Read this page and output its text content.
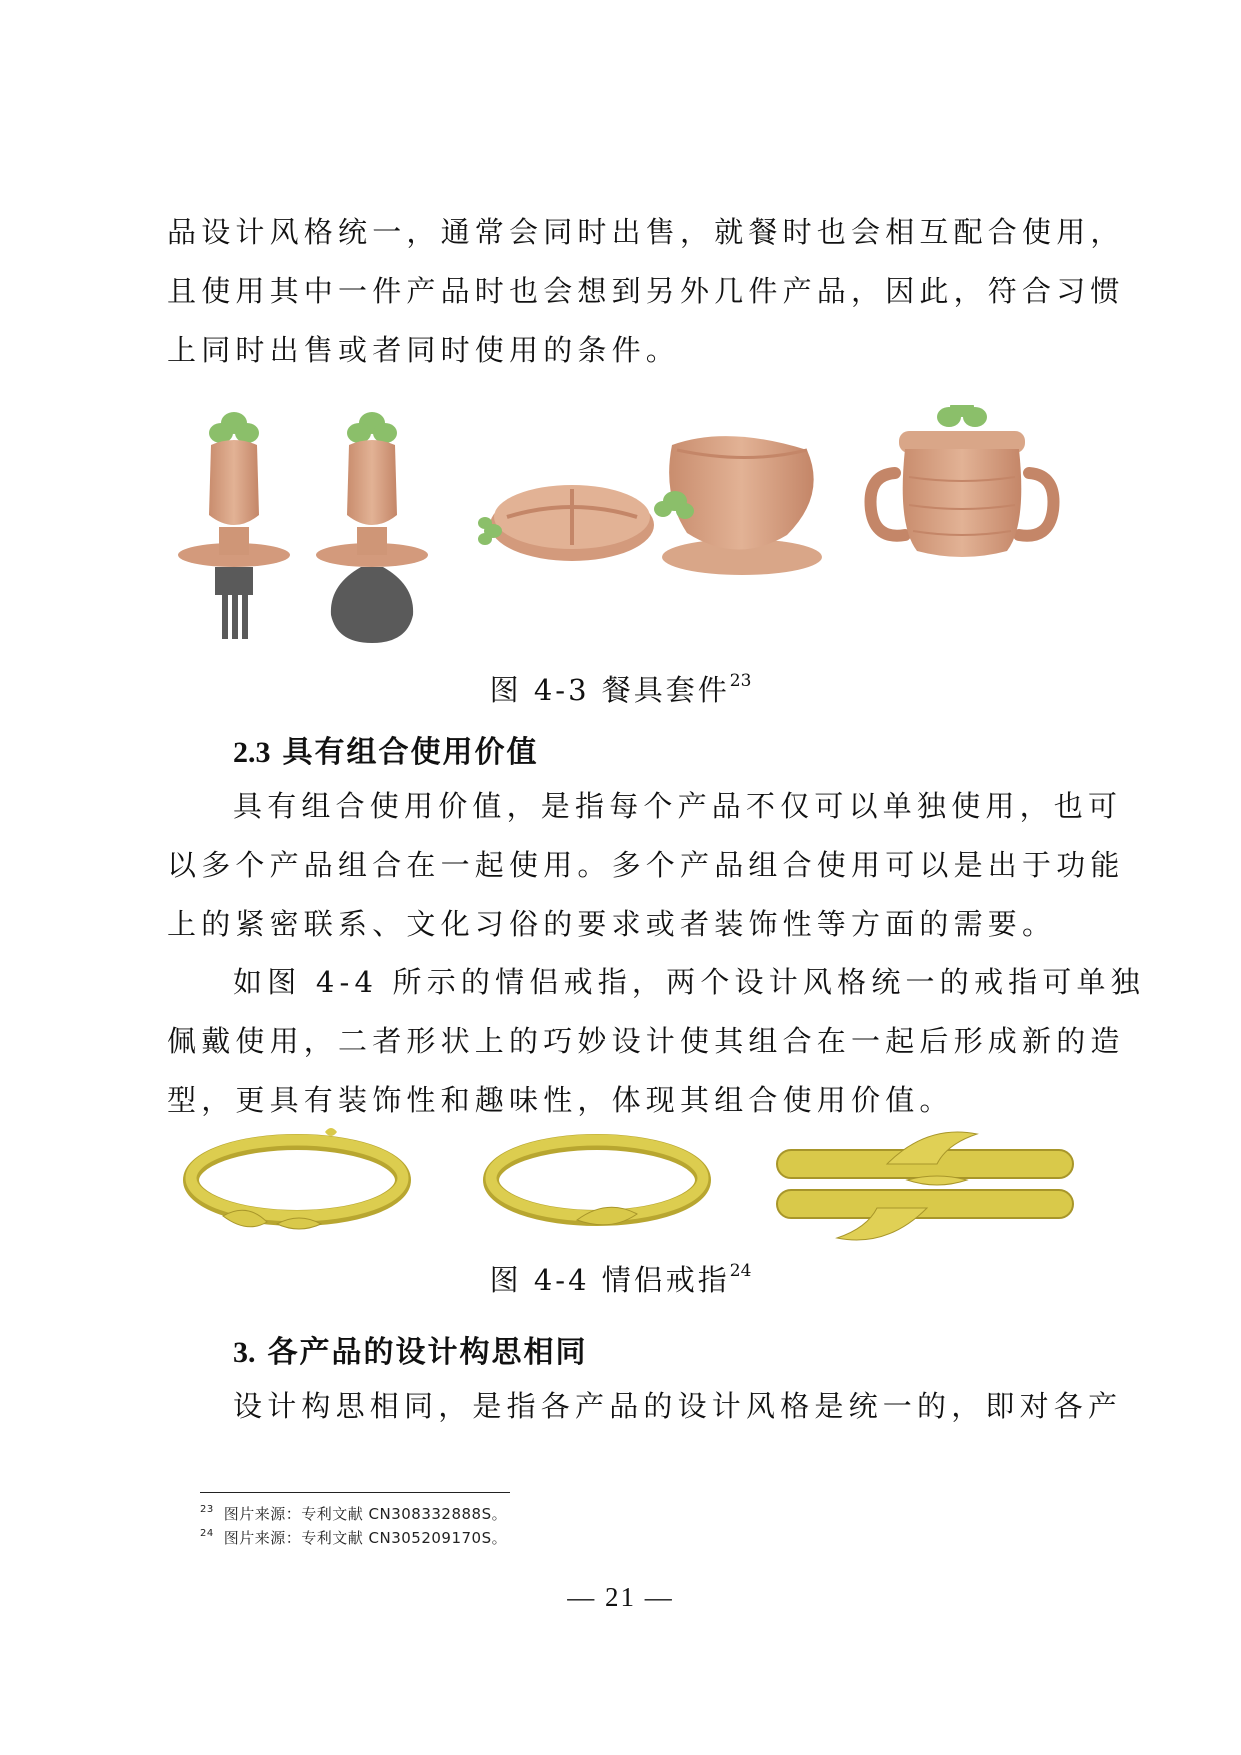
品设计风格统一，通常会同时出售，就餐时也会相互配合使用，
且使用其中一件产品时也会想到另外几件产品，因此，符合习惯
上同时出售或者同时使用的条件。
图 4-3 餐具套件$^{23}$
2.3 具有组合使用价值
具有组合使用价值，是指每个产品不仅可以单独使用，也可
以多个产品组合在一起使用。多个产品组合使用可以是出于功能
上的紧密联系、文化习俗的要求或者装饰性等方面的需要。
如图 4-4 所示的情侣戒指，两个设计风格统一的戒指可单独
佩戴使用，二者形状上的巧妙设计使其组合在一起后形成新的造
型，更具有装饰性和趣味性，体现其组合使用价值。
图 4-4 情侣戒指$^{24}$
3. 各产品的设计构思相同
设计构思相同，是指各产品的设计风格是统一的，即对各产
$^{23}$ 图片来源：专利文献 CN308332888S。
$^{24}$ 图片来源：专利文献 CN305209170S。
— 21 —
